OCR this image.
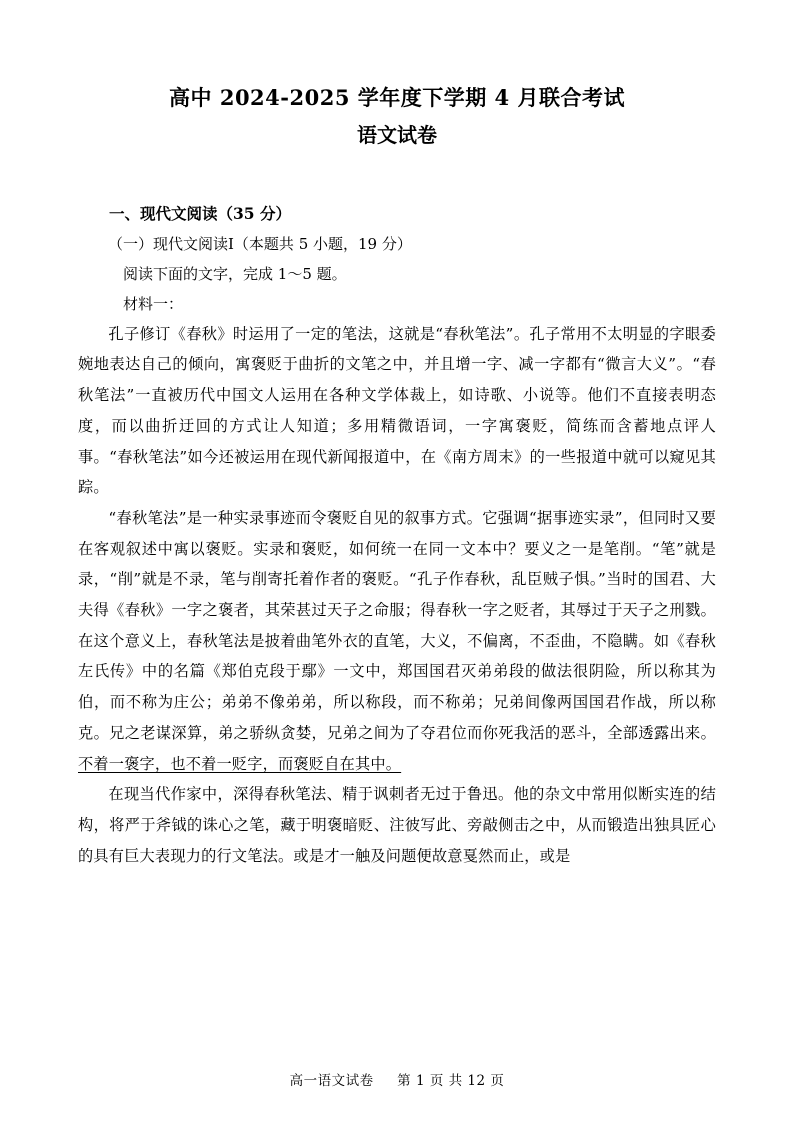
高中 2024-2025 学年度下学期 4 月联合考试
语文试卷
一、现代文阅读（35 分）
（一）现代文阅读Ⅰ（本题共 5 小题，19 分）
阅读下面的文字，完成 1～5 题。
材料一：

孔子修订《春秋》时运用了一定的笔法，这就是“春秋笔法”。孔子常用不太明显的字眼委婉地表达自己的倾向，寓褒贬于曲折的文笔之中，并且增一字、减一字都有“微言大义”。“春秋笔法”一直被历代中国文人运用在各种文学体裁上，如诗歌、小说等。他们不直接表明态度，而以曲折迂回的方式让人知道；多用精微语词，一字寓褒贬，简练而含蓄地点评人事。“春秋笔法”如今还被运用在现代新闻报道中，在《南方周末》的一些报道中就可以窥见其踪。

“春秋笔法”是一种实录事迹而令褒贬自见的叙事方式。它强调“据事迹实录”，但同时又要在客观叙述中寓以褒贬。实录和褒贬，如何统一在同一文本中？要义之一是笔削。“笔”就是录，“削”就是不录，笔与削寄托着作者的褒贬。“孔子作春秋，乱臣贼子惧。”当时的国君、大夫得《春秋》一字之褒者，其荣甚过天子之命服；得春秋一字之贬者，其辱过于天子之刑戮。在这个意义上，春秋笔法是披着曲笔外衣的直笔，大义，不偏离，不歪曲，不隐瞒。如《春秋左氏传》中的名篇《郑伯克段于鄢》一文中，郑国国君灭弟弟段的做法很阴险，所以称其为伯，而不称为庄公；弟弟不像弟弟，所以称段，而不称弟；兄弟间像两国国君作战，所以称克。兄之老谋深算，弟之骄纵贪婪，兄弟之间为了夺君位而你死我活的恶斗，全部透露出来。不着一褒字，也不着一贬字，而褒贬自在其中。

在现当代作家中，深得春秋笔法、精于讽刺者无过于鲁迅。他的杂文中常用似断实连的结构，将严于斧钺的诛心之笔，藏于明褒暗贬、注彼写此、旁敲侧击之中，从而锻造出独具匠心的具有巨大表现力的行文笔法。或是才一触及问题便故意戛然而止，或是

高一语文试卷 第 1 页 共 12 页
